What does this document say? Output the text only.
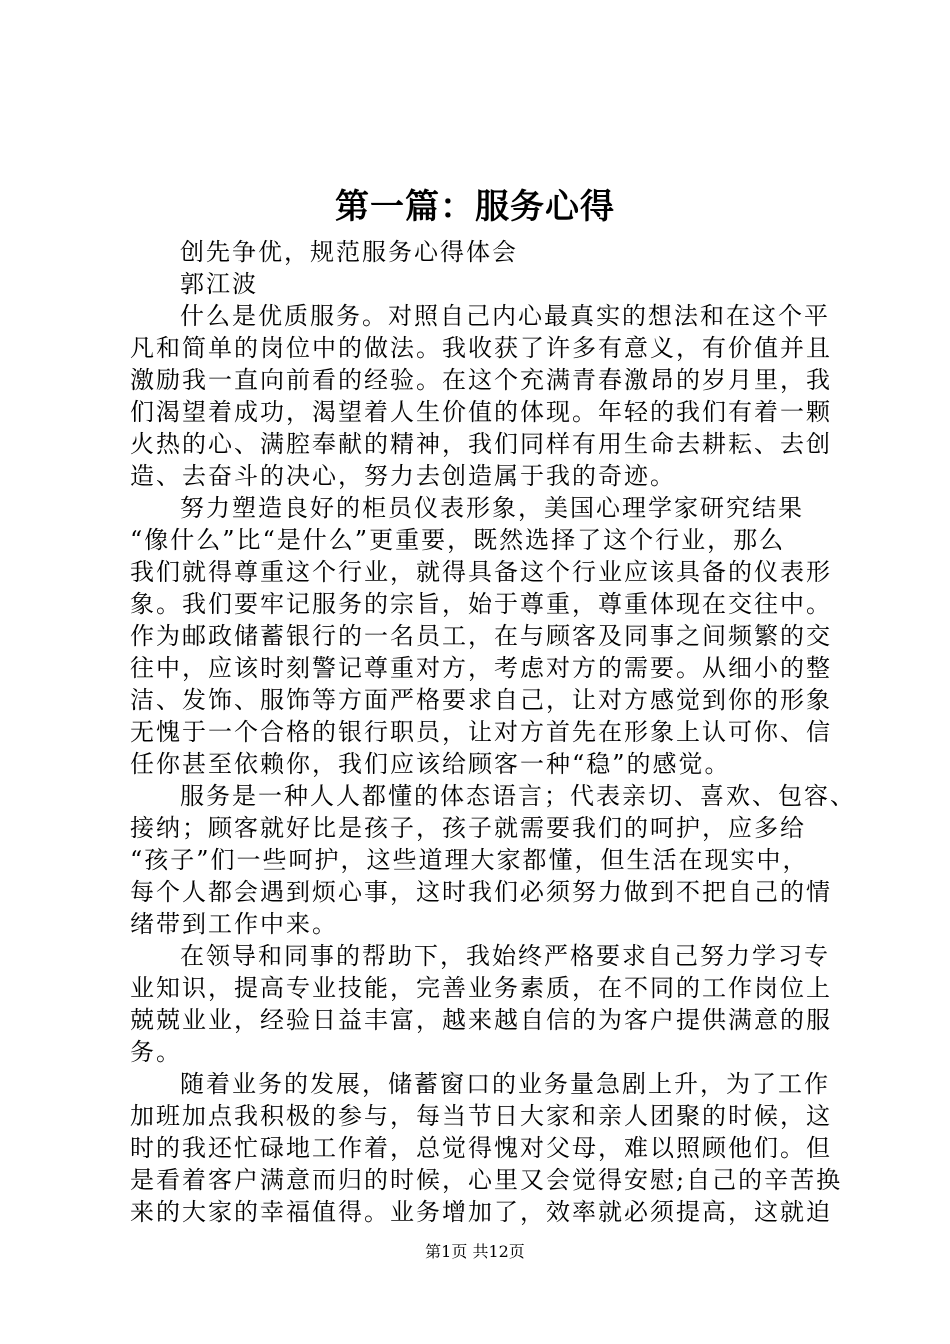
第一篇：服务心得
创先争优，规范服务心得体会
郭江波
什么是优质服务。对照自己内心最真实的想法和在这个平
凡和简单的岗位中的做法。我收获了许多有意义，有价值并且
激励我一直向前看的经验。在这个充满青春激昂的岁月里，我
们渴望着成功，渴望着人生价值的体现。年轻的我们有着一颗
火热的心、满腔奉献的精神，我们同样有用生命去耕耘、去创
造、去奋斗的决心，努力去创造属于我的奇迹。
努力塑造良好的柜员仪表形象，美国心理学家研究结果
“像什么”比“是什么”更重要，既然选择了这个行业，那么
我们就得尊重这个行业，就得具备这个行业应该具备的仪表形
象。我们要牢记服务的宗旨，始于尊重，尊重体现在交往中。
作为邮政储蓄银行的一名员工，在与顾客及同事之间频繁的交
往中，应该时刻警记尊重对方，考虑对方的需要。从细小的整
洁、发饰、服饰等方面严格要求自己，让对方感觉到你的形象
无愧于一个合格的银行职员，让对方首先在形象上认可你、信
任你甚至依赖你，我们应该给顾客一种“稳”的感觉。
服务是一种人人都懂的体态语言；代表亲切、喜欢、包容、
接纳；顾客就好比是孩子，孩子就需要我们的呵护，应多给
“孩子”们一些呵护，这些道理大家都懂，但生活在现实中，
每个人都会遇到烦心事，这时我们必须努力做到不把自己的情
绪带到工作中来。
在领导和同事的帮助下，我始终严格要求自己努力学习专
业知识，提高专业技能，完善业务素质，在不同的工作岗位上
兢兢业业，经验日益丰富，越来越自信的为客户提供满意的服
务。
随着业务的发展，储蓄窗口的业务量急剧上升，为了工作
加班加点我积极的参与，每当节日大家和亲人团聚的时候，这
时的我还忙碌地工作着，总觉得愧对父母，难以照顾他们。但
是看着客户满意而归的时候，心里又会觉得安慰;自己的辛苦换
来的大家的幸福值得。业务增加了，效率就必须提高，这就迫
第1页 共12页
